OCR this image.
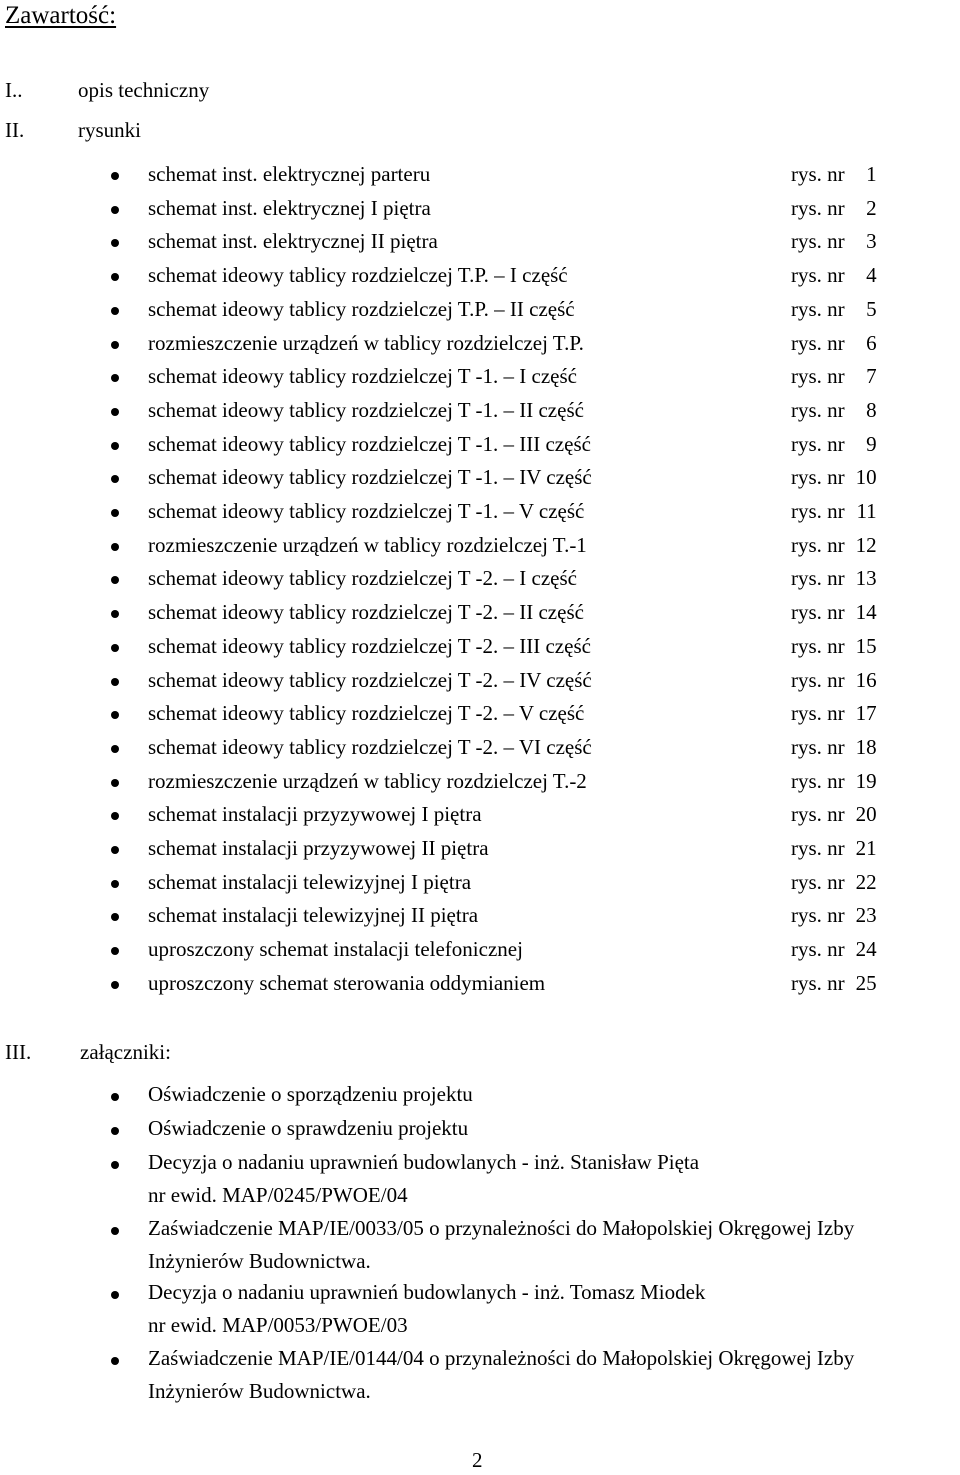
Zawartość:
I..	opis techniczny
II.	rysunki
schemat inst. elektrycznej parteru	rys. nr 1
schemat inst. elektrycznej I piętra	rys. nr 2
schemat inst. elektrycznej II piętra	rys. nr 3
schemat ideowy tablicy rozdzielczej T.P. – I część	rys. nr 4
schemat ideowy tablicy rozdzielczej T.P. – II część	rys. nr 5
rozmieszczenie urządzeń w tablicy rozdzielczej T.P.	rys. nr 6
schemat ideowy tablicy rozdzielczej T -1. – I część	rys. nr 7
schemat ideowy tablicy rozdzielczej T -1. – II część	rys. nr 8
schemat ideowy tablicy rozdzielczej T -1. – III część	rys. nr 9
schemat ideowy tablicy rozdzielczej T -1. – IV część	rys. nr 10
schemat ideowy tablicy rozdzielczej T -1. – V część	rys. nr 11
rozmieszczenie urządzeń w tablicy rozdzielczej T.-1	rys. nr 12
schemat ideowy tablicy rozdzielczej T -2. – I część	rys. nr 13
schemat ideowy tablicy rozdzielczej T -2. – II część	rys. nr 14
schemat ideowy tablicy rozdzielczej T -2. – III część	rys. nr 15
schemat ideowy tablicy rozdzielczej T -2. – IV część	rys. nr 16
schemat ideowy tablicy rozdzielczej T -2. – V część	rys. nr 17
schemat ideowy tablicy rozdzielczej T -2. – VI część	rys. nr 18
rozmieszczenie urządzeń w tablicy rozdzielczej T.-2	rys. nr 19
schemat instalacji przyzywowej I piętra	rys. nr 20
schemat instalacji przyzywowej II piętra	rys. nr 21
schemat instalacji telewizyjnej I piętra	rys. nr 22
schemat instalacji telewizyjnej II piętra	rys. nr 23
uproszczony schemat instalacji telefonicznej	rys. nr 24
uproszczony schemat sterowania oddymianiem	rys. nr 25
III. załączniki:
Oświadczenie o sporządzeniu projektu
Oświadczenie o sprawdzeniu projektu
Decyzja o nadaniu uprawnień budowlanych - inż. Stanisław Pięta
nr ewid. MAP/0245/PWOE/04
Zaświadczenie MAP/IE/0033/05 o przynależności do Małopolskiej Okręgowej Izby
Inżynierów Budownictwa.
Decyzja o nadaniu uprawnień budowlanych - inż. Tomasz Miodek
nr ewid. MAP/0053/PWOE/03
Zaświadczenie MAP/IE/0144/04 o przynależności do Małopolskiej Okręgowej Izby
Inżynierów Budownictwa.
2
